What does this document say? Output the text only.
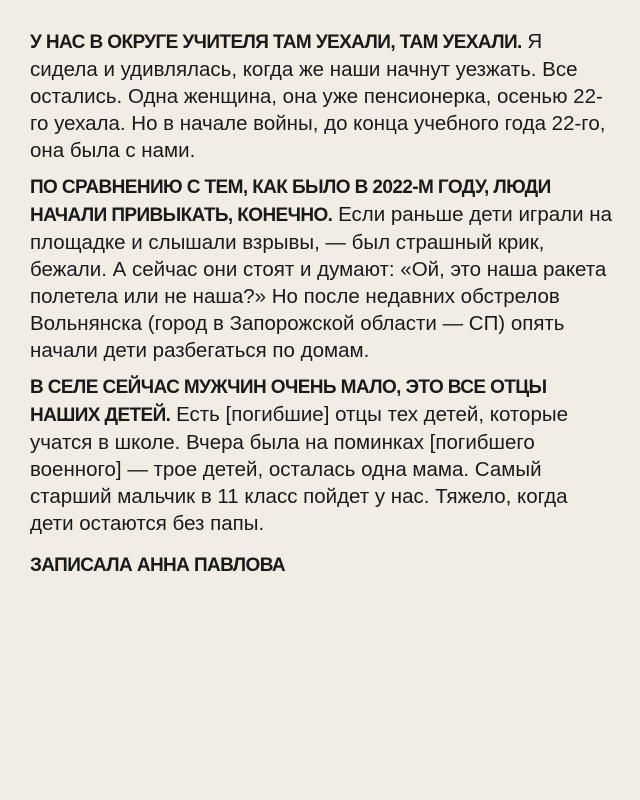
У НАС В ОКРУГЕ УЧИТЕЛЯ ТАМ УЕХАЛИ, ТАМ УЕХАЛИ. Я сидела и удивлялась, когда же наши начнут уезжать. Все остались. Одна женщина, она уже пенсионерка, осенью 22-го уехала. Но в начале войны, до конца учебного года 22-го, она была с нами.

ПО СРАВНЕНИЮ С ТЕМ, КАК БЫЛО В 2022-М ГОДУ, ЛЮДИ НАЧАЛИ ПРИВЫКАТЬ, КОНЕЧНО. Если раньше дети играли на площадке и слышали взрывы, — был страшный крик, бежали. А сейчас они стоят и думают: «Ой, это наша ракета полетела или не наша?» Но после недавних обстрелов Вольнянска (город в Запорожской области — СП) опять начали дети разбегаться по домам.

В СЕЛЕ СЕЙЧАС МУЖЧИН ОЧЕНЬ МАЛО, ЭТО ВСЕ ОТЦЫ НАШИХ ДЕТЕЙ. Есть [погибшие] отцы тех детей, которые учатся в школе. Вчера была на поминках [погибшего военного] — трое детей, осталась одна мама. Самый старший мальчик в 11 класс пойдет у нас. Тяжело, когда дети остаются без папы.

ЗАПИСАЛА АННА ПАВЛОВА
